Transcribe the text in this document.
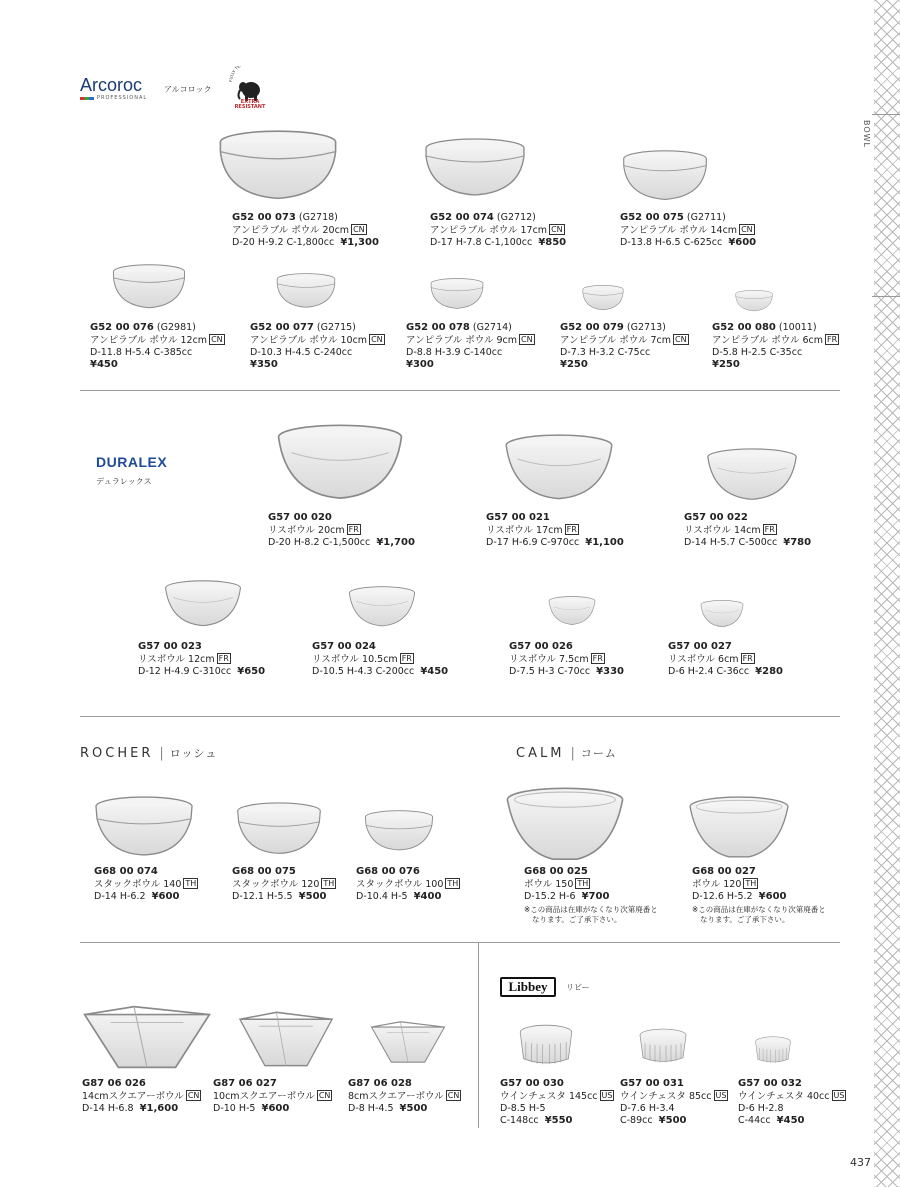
BOWL
Arcoroc
PROFESSIONAL
アルコロック
FULLY TE
EXTRA RESISTANT
DURALEX
デュラレックス
ROCHER | ロッシュ	CALM | コーム
Libbey	リビー
437
G52 00 073 (G2718)
アンピラブル ボウル 20cm CN
D-20 H-9.2 C-1,800cc ¥1,300
G52 00 074 (G2712)
アンピラブル ボウル 17cm CN
D-17 H-7.8 C-1,100cc ¥850
G52 00 075 (G2711)
アンピラブル ボウル 14cm CN
D-13.8 H-6.5 C-625cc ¥600
G52 00 076 (G2981)
アンピラブル ボウル 12cm CN
D-11.8 H-5.4 C-385cc
¥450
G52 00 077 (G2715)
アンピラブル ボウル 10cm CN
D-10.3 H-4.5 C-240cc
¥350
G52 00 078 (G2714)
アンピラブル ボウル 9cm CN
D-8.8 H-3.9 C-140cc
¥300
G52 00 079 (G2713)
アンピラブル ボウル 7cm CN
D-7.3 H-3.2 C-75cc
¥250
G52 00 080 (10011)
アンピラブル ボウル 6cm FR
D-5.8 H-2.5 C-35cc
¥250
G57 00 020
リスボウル 20cm FR
D-20 H-8.2 C-1,500cc ¥1,700
G57 00 021
リスボウル 17cm FR
D-17 H-6.9 C-970cc ¥1,100
G57 00 022
リスボウル 14cm FR
D-14 H-5.7 C-500cc ¥780
G57 00 023
リスボウル 12cm FR
D-12 H-4.9 C-310cc ¥650
G57 00 024
リスボウル 10.5cm FR
D-10.5 H-4.3 C-200cc ¥450
G57 00 026
リスボウル 7.5cm FR
D-7.5 H-3 C-70cc ¥330
G57 00 027
リスボウル 6cm FR
D-6 H-2.4 C-36cc ¥280
G68 00 074
スタックボウル 140 TH
D-14 H-6.2 ¥600
G68 00 075
スタックボウル 120 TH
D-12.1 H-5.5 ¥500
G68 00 076
スタックボウル 100 TH
D-10.4 H-5 ¥400
G68 00 025
ボウル 150 TH
D-15.2 H-6 ¥700
※この商品は在庫がなくなり次第廃番と
なります。ご了承下さい。
G68 00 027
ボウル 120 TH
D-12.6 H-5.2 ¥600
※この商品は在庫がなくなり次第廃番と
なります。ご了承下さい。
G87 06 026
14cmスクエアーボウル CN
D-14 H-6.8 ¥1,600
G87 06 027
10cmスクエアーボウル CN
D-10 H-5 ¥600
G87 06 028
8cmスクエアーボウル CN
D-8 H-4.5 ¥500
G57 00 030
ウインチェスタ 145cc US
D-8.5 H-5
C-148cc ¥550
G57 00 031
ウインチェスタ 85cc US
D-7.6 H-3.4
C-89cc ¥500
G57 00 032
ウインチェスタ 40cc US
D-6 H-2.8
C-44cc ¥450
